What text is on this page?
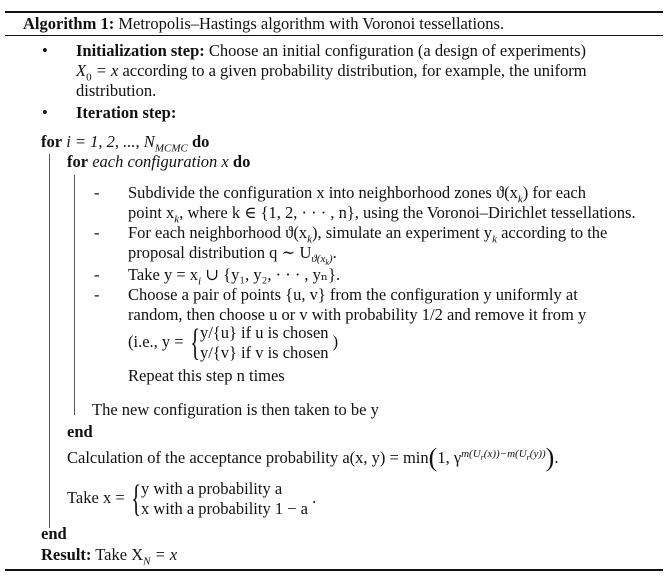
Algorithm 1: Metropolis–Hastings algorithm with Voronoi tessellations.
• Initialization step: Choose an initial configuration (a design of experiments)
$X_0 = x$ according to a given probability distribution, for example, the uniform
distribution.
• Iteration step:
for i = 1, 2, ..., $N_{MCMC}$ do
for each configuration x do
- Subdivide the configuration x into neighborhood zones $ϑ(x_k)$ for each
point $x_k$, where k ∈ {1, 2, · · · , n}, using the Voronoi–Dirichlet tessellations.
- For each neighborhood $ϑ(x_k)$, simulate an experiment $y_k$ according to the
proposal distribution q ∼ $U_{ϑ(x_k)}$.
- Take $y = x_i$ ∪ {y₁, y₂, · · · , yₙ}.
- Choose a pair of points {u, v} from the configuration y uniformly at
random, then choose u or v with probability 1/2 and remove it from y
(i.e., y = { y/{u} if u is chosen
y/{v} if v is chosen
)
Repeat this step n times
The new configuration is then taken to be y
end
Calculation of the acceptance probability a(x, y) = min(1, $\gamma^{m(U_r(x))-m(U_r(y))}$).
Take x = { y with a probability a
x with a probability 1 − a
.
end
Result: Take $X_N = x$
